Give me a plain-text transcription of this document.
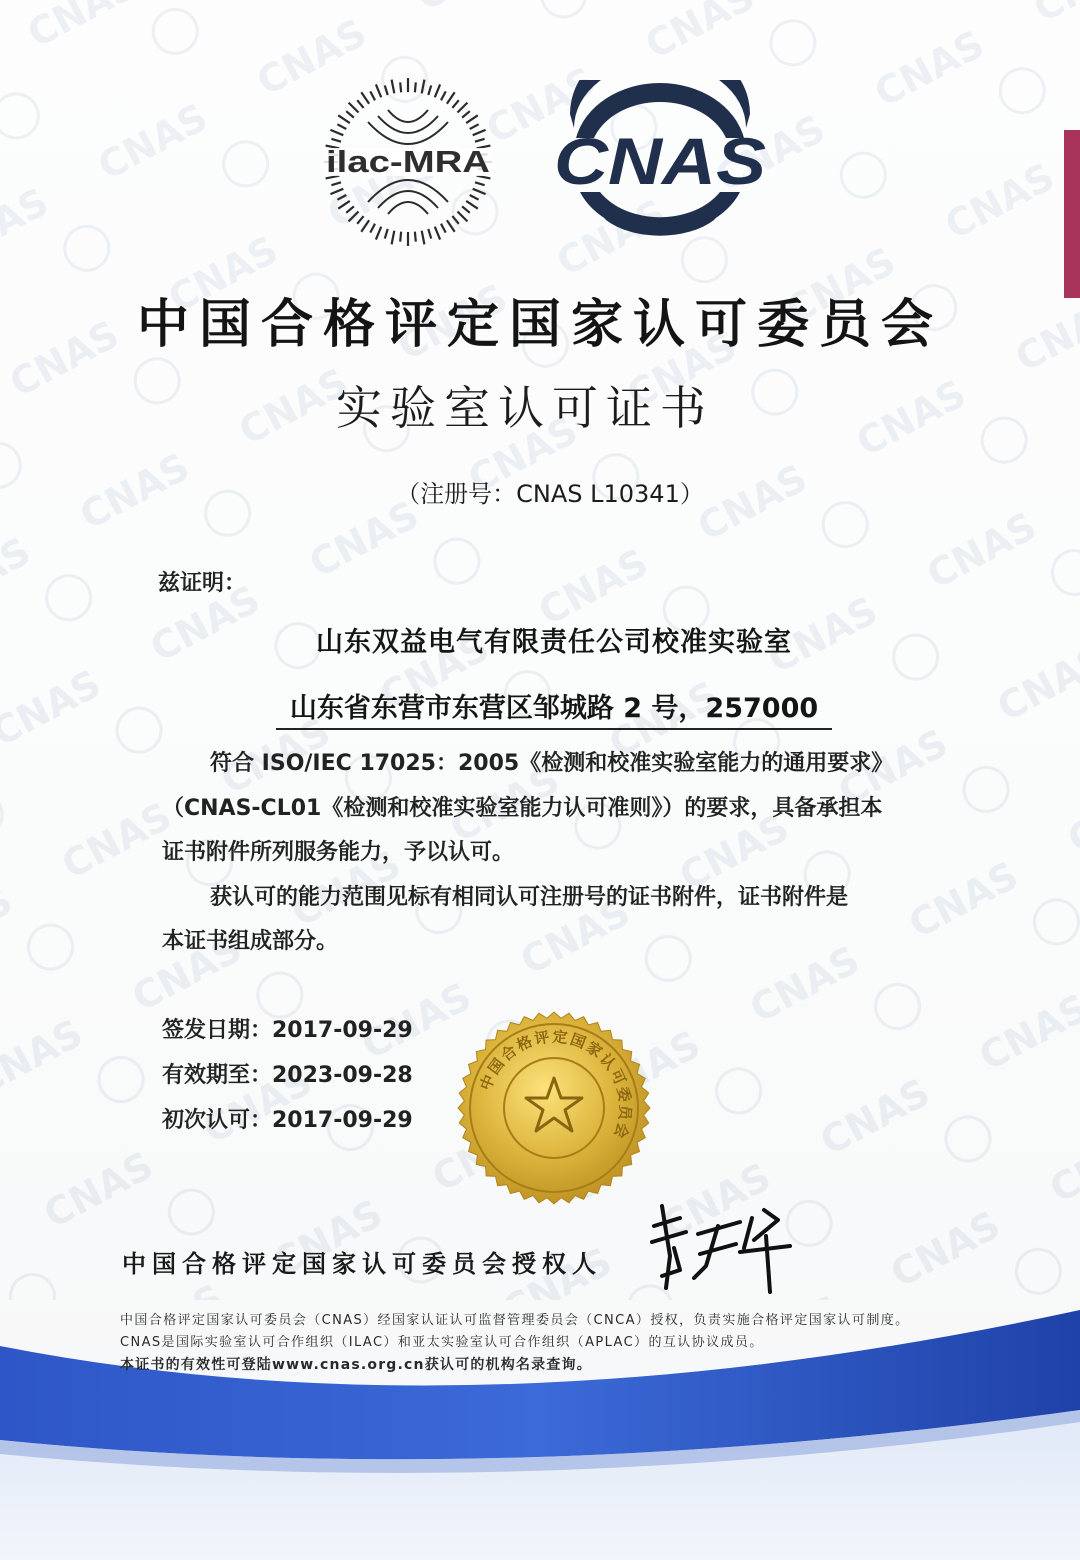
ilac-MRA CNAS
中国合格评定国家认可委员会
实验室认可证书
（注册号：CNAS L10341）
兹证明：
山东双益电气有限责任公司校准实验室
山东省东营市东营区邹城路 2 号，257000

符合 ISO/IEC 17025：2005《检测和校准实验室能力的通用要求》

（CNAS-CL01《检测和校准实验室能力认可准则》）的要求，具备承担本

证书附件所列服务能力，予以认可。

获认可的能力范围见标有相同认可注册号的证书附件，证书附件是

本证书组成部分。

签发日期：2017-09-29
有效期至：2023-09-28
初次认可：2017-09-29
中国合格评定国家认可委员会
中国合格评定国家认可委员会授权人

中国合格评定国家认可委员会（CNAS）经国家认证认可监督管理委员会（CNCA）授权，负责实施合格评定国家认可制度。

CNAS是国际实验室认可合作组织（ILAC）和亚太实验室认可合作组织（APLAC）的互认协议成员。

本证书的有效性可登陆www.cnas.org.cn获认可的机构名录查询。
